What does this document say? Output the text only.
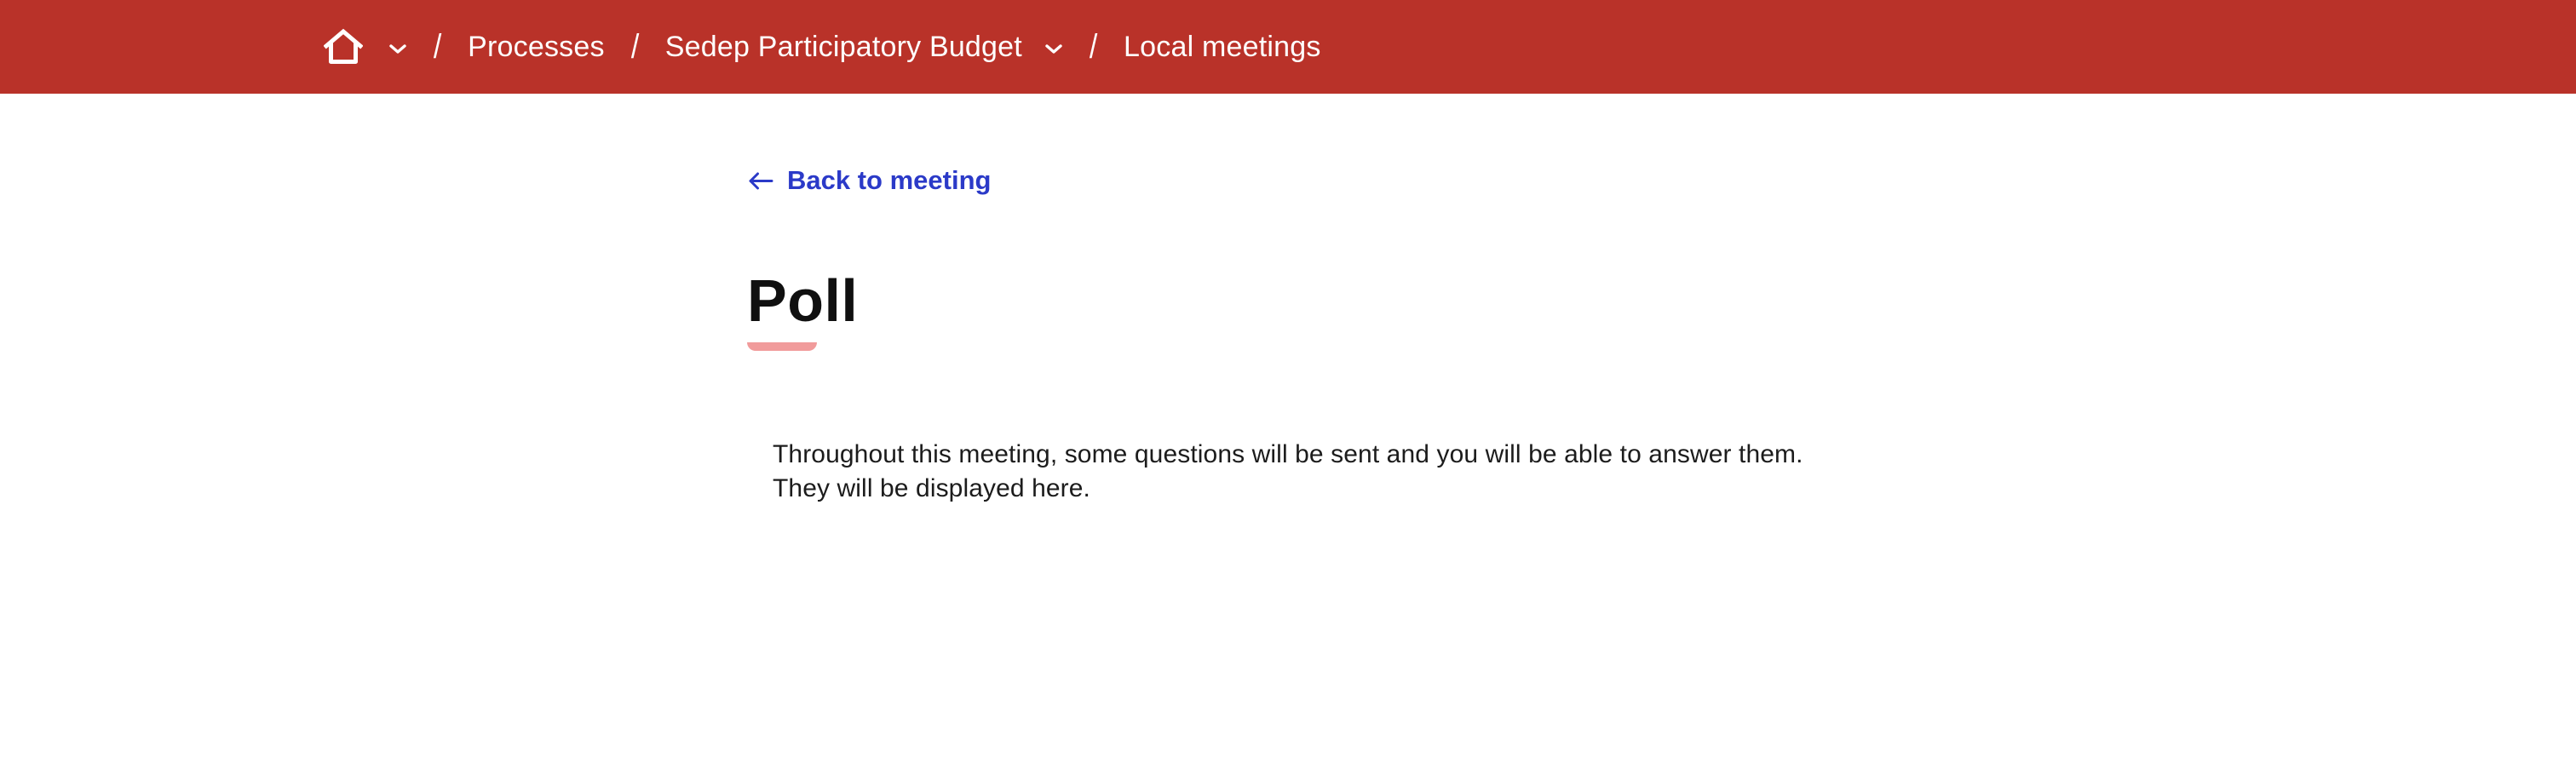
/ Processes / Sedep Participatory Budget / Local meetings
Back to meeting
Poll
Throughout this meeting, some questions will be sent and you will be able to answer them.
They will be displayed here.
